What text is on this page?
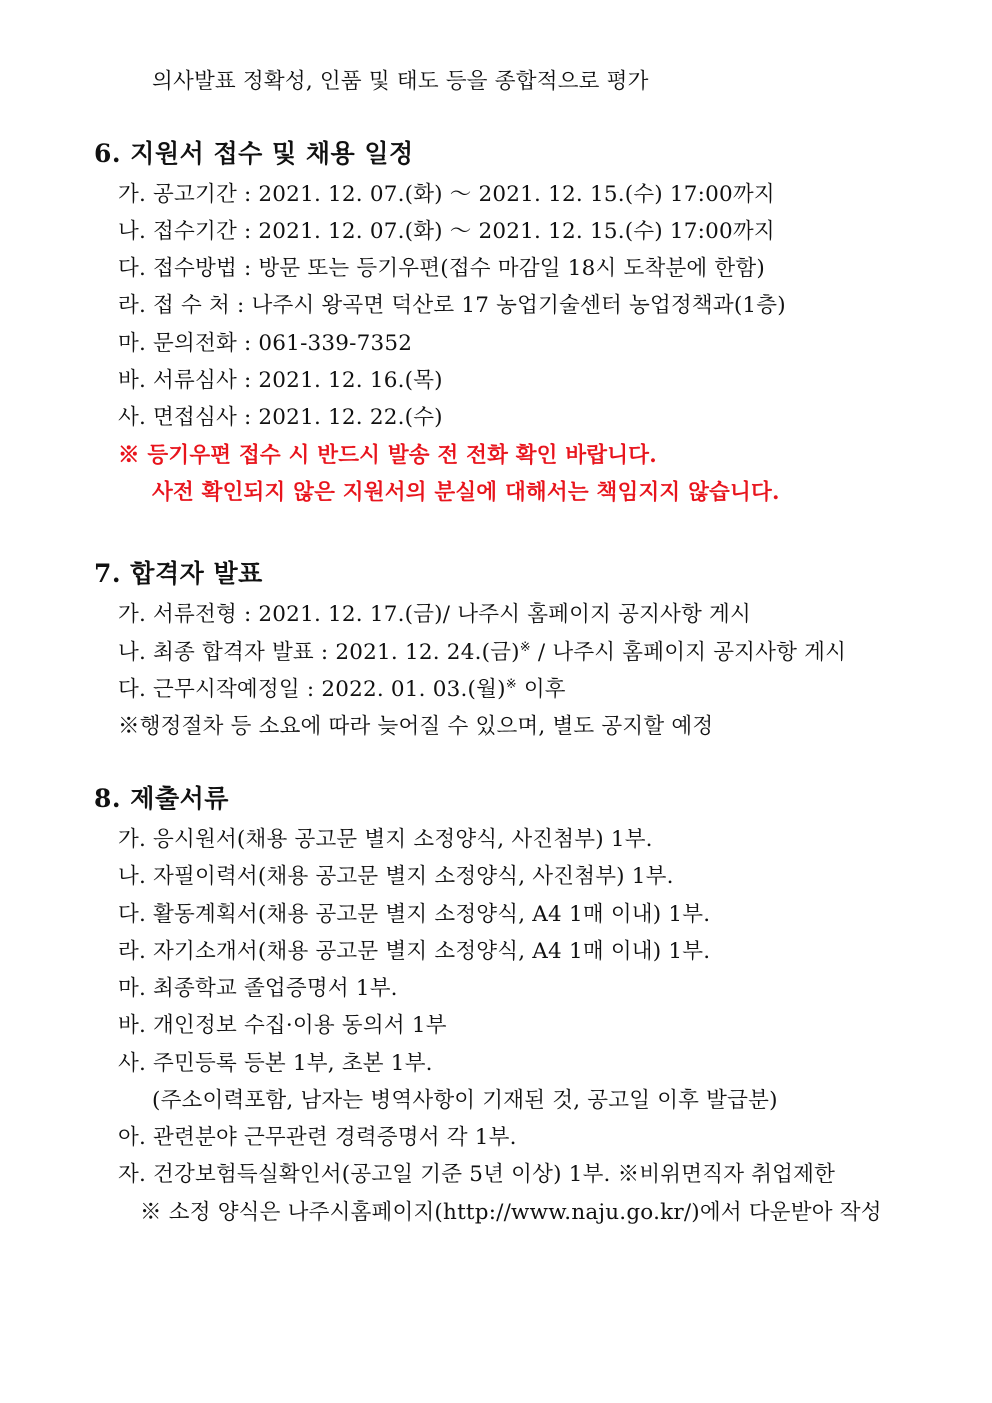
의사발표 정확성, 인품 및 태도 등을 종합적으로 평가
6. 지원서 접수 및 채용 일정
가. 공고기간 : 2021. 12. 07.(화) ～ 2021. 12. 15.(수) 17:00까지
나. 접수기간 : 2021. 12. 07.(화) ～ 2021. 12. 15.(수) 17:00까지
다. 접수방법 : 방문 또는 등기우편(접수 마감일 18시 도착분에 한함)
라. 접 수 처 : 나주시 왕곡면 덕산로 17 농업기술센터 농업정책과(1층)
마. 문의전화 : 061-339-7352
바. 서류심사 : 2021. 12. 16.(목)
사. 면접심사 : 2021. 12. 22.(수)
※ 등기우편 접수 시 반드시 발송 전 전화 확인 바랍니다.
사전 확인되지 않은 지원서의 분실에 대해서는 책임지지 않습니다.
7. 합격자 발표
가. 서류전형 : 2021. 12. 17.(금)/ 나주시 홈페이지 공지사항 게시
나. 최종 합격자 발표 : 2021. 12. 24.(금)※ / 나주시 홈페이지 공지사항 게시
다. 근무시작예정일 : 2022. 01. 03.(월)※ 이후
※행정절차 등 소요에 따라 늦어질 수 있으며, 별도 공지할 예정
8. 제출서류
가. 응시원서(채용 공고문 별지 소정양식, 사진첨부) 1부.
나. 자필이력서(채용 공고문 별지 소정양식, 사진첨부) 1부.
다. 활동계획서(채용 공고문 별지 소정양식, A4 1매 이내) 1부.
라. 자기소개서(채용 공고문 별지 소정양식, A4 1매 이내) 1부.
마. 최종학교 졸업증명서 1부.
바. 개인정보 수집·이용 동의서 1부
사. 주민등록 등본 1부, 초본 1부.
(주소이력포함, 남자는 병역사항이 기재된 것, 공고일 이후 발급분)
아. 관련분야 근무관련 경력증명서 각 1부.
자. 건강보험득실확인서(공고일 기준 5년 이상) 1부. ※비위면직자 취업제한
※ 소정 양식은 나주시홈페이지(http://www.naju.go.kr/)에서 다운받아 작성
